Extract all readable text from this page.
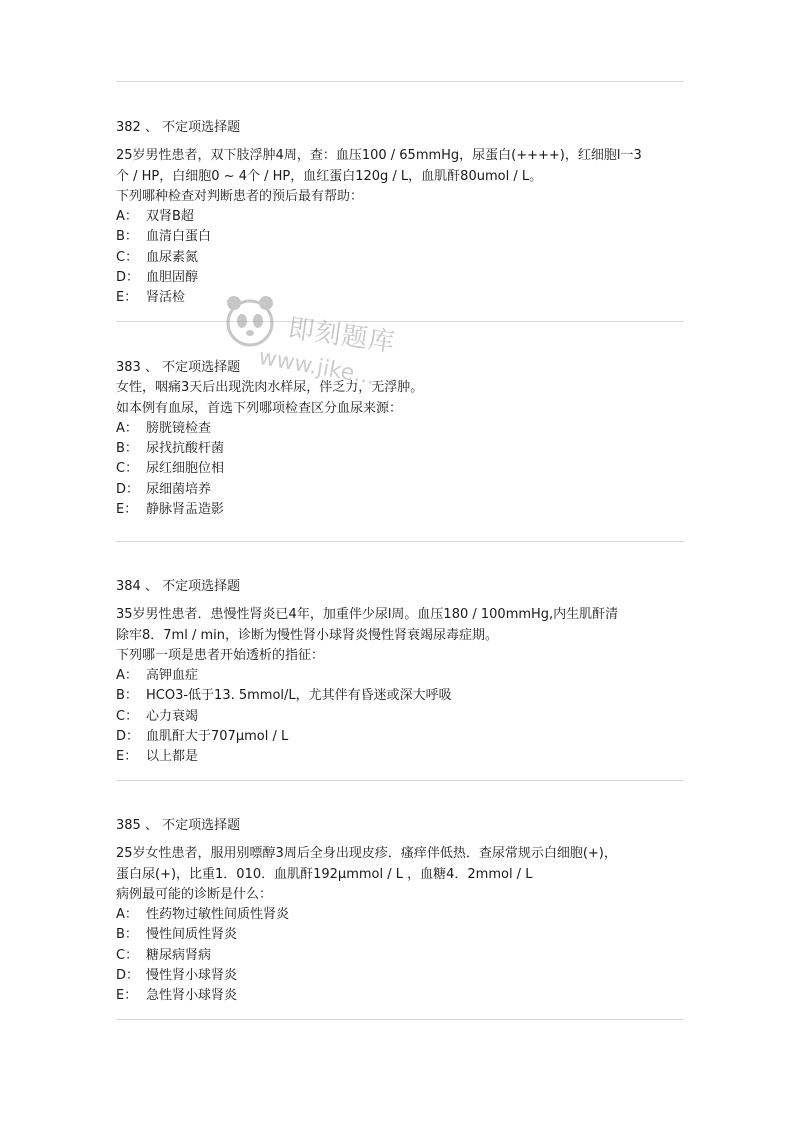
即刻题库
www.jike...
382 、 不定项选择题
25岁男性患者，双下肢浮肿4周，查：血压100 / 65mmHg，尿蛋白(++++)，红细胞l一3
个 / HP，白细胞0 ~ 4个 / HP，血红蛋白120g / L，血肌酐80umol / L。
下列哪种检查对判断患者的预后最有帮助：
A： 双肾B超
B： 血清白蛋白
C： 血尿素氮
D： 血胆固醇
E： 肾活检
383 、 不定项选择题
女性，咽痛3天后出现洗肉水样尿，伴乏力，无浮肿。
如本例有血尿，首选下列哪项检查区分血尿来源：
A： 膀胱镜检查
B： 尿找抗酸杆菌
C： 尿红细胞位相
D： 尿细菌培养
E： 静脉肾盂造影
384 、 不定项选择题
35岁男性患者．患慢性肾炎已4年，加重伴少尿l周。血压180 / 100mmHg,内生肌酐清
除牢8．7ml / min，诊断为慢性肾小球肾炎慢性肾衰竭尿毒症期。
下列哪一项是患者开始透析的指征：
A： 高钾血症
B： HCO3-低于13. 5mmol/L，尤其伴有昏迷或深大呼吸
C： 心力衰竭
D： 血肌酐大于707μmol / L
E： 以上都是
385 、 不定项选择题
25岁女性患者，服用别嘌醇3周后全身出现皮疹．瘙痒伴低热．查尿常规示白细胞(+)，
蛋白尿(+)，比重1．010．血肌酐192μmmol / L ，血糖4．2mmol / L
病例最可能的诊断是什么：
A： 性药物过敏性间质性肾炎
B： 慢性间质性肾炎
C： 糖尿病肾病
D： 慢性肾小球肾炎
E： 急性肾小球肾炎
